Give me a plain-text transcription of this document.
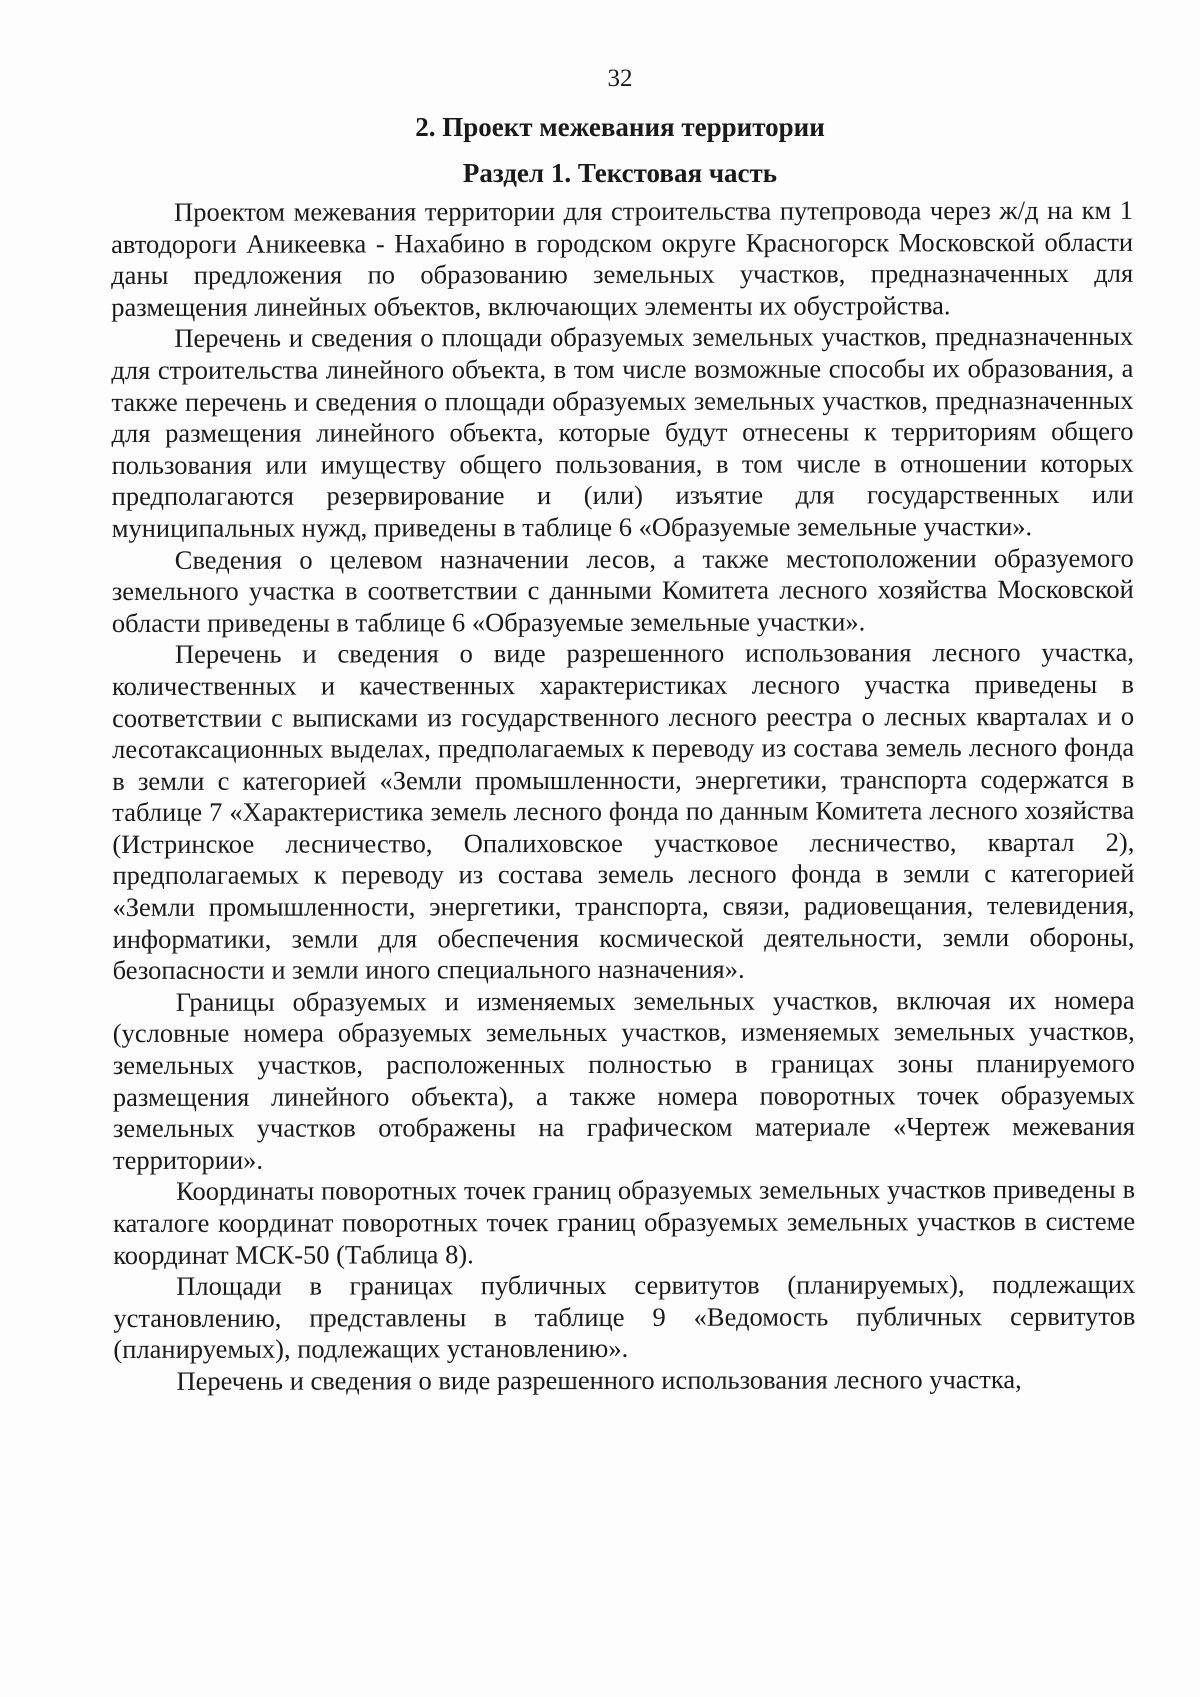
32
2. Проект межевания территории
Раздел 1. Текстовая часть

Проектом межевания территории для строительства путепровода через ж/д на км 1 автодороги Аникеевка - Нахабино в городском округе Красногорск Московской области даны предложения по образованию земельных участков, предназначенных для размещения линейных объектов, включающих элементы их обустройства.

Перечень и сведения о площади образуемых земельных участков, предназначенных для строительства линейного объекта, в том числе возможные способы их образования, а также перечень и сведения о площади образуемых земельных участков, предназначенных для размещения линейного объекта, которые будут отнесены к территориям общего пользования или имуществу общего пользования, в том числе в отношении которых предполагаются резервирование и (или) изъятие для государственных или муниципальных нужд, приведены в таблице 6 «Образуемые земельные участки».

Сведения о целевом назначении лесов, а также местоположении образуемого земельного участка в соответствии с данными Комитета лесного хозяйства Московской области приведены в таблице 6 «Образуемые земельные участки».

Перечень и сведения о виде разрешенного использования лесного участка, количественных и качественных характеристиках лесного участка приведены в соответствии с выписками из государственного лесного реестра о лесных кварталах и о лесотаксационных выделах, предполагаемых к переводу из состава земель лесного фонда в земли с категорией «Земли промышленности, энергетики, транспорта содержатся в таблице 7 «Характеристика земель лесного фонда по данным Комитета лесного хозяйства (Истринское лесничество, Опалиховское участковое лесничество, квартал 2), предполагаемых к переводу из состава земель лесного фонда в земли с категорией «Земли промышленности, энергетики, транспорта, связи, радиовещания, телевидения, информатики, земли для обеспечения космической деятельности, земли обороны, безопасности и земли иного специального назначения».

Границы образуемых и изменяемых земельных участков, включая их номера (условные номера образуемых земельных участков, изменяемых земельных участков, земельных участков, расположенных полностью в границах зоны планируемого размещения линейного объекта), а также номера поворотных точек образуемых земельных участков отображены на графическом материале «Чертеж межевания территории».

Координаты поворотных точек границ образуемых земельных участков приведены в каталоге координат поворотных точек границ образуемых земельных участков в системе координат МСК-50 (Таблица 8).

Площади в границах публичных сервитутов (планируемых), подлежащих установлению, представлены в таблице 9 «Ведомость публичных сервитутов (планируемых), подлежащих установлению».

Перечень и сведения о виде разрешенного использования лесного участка,
